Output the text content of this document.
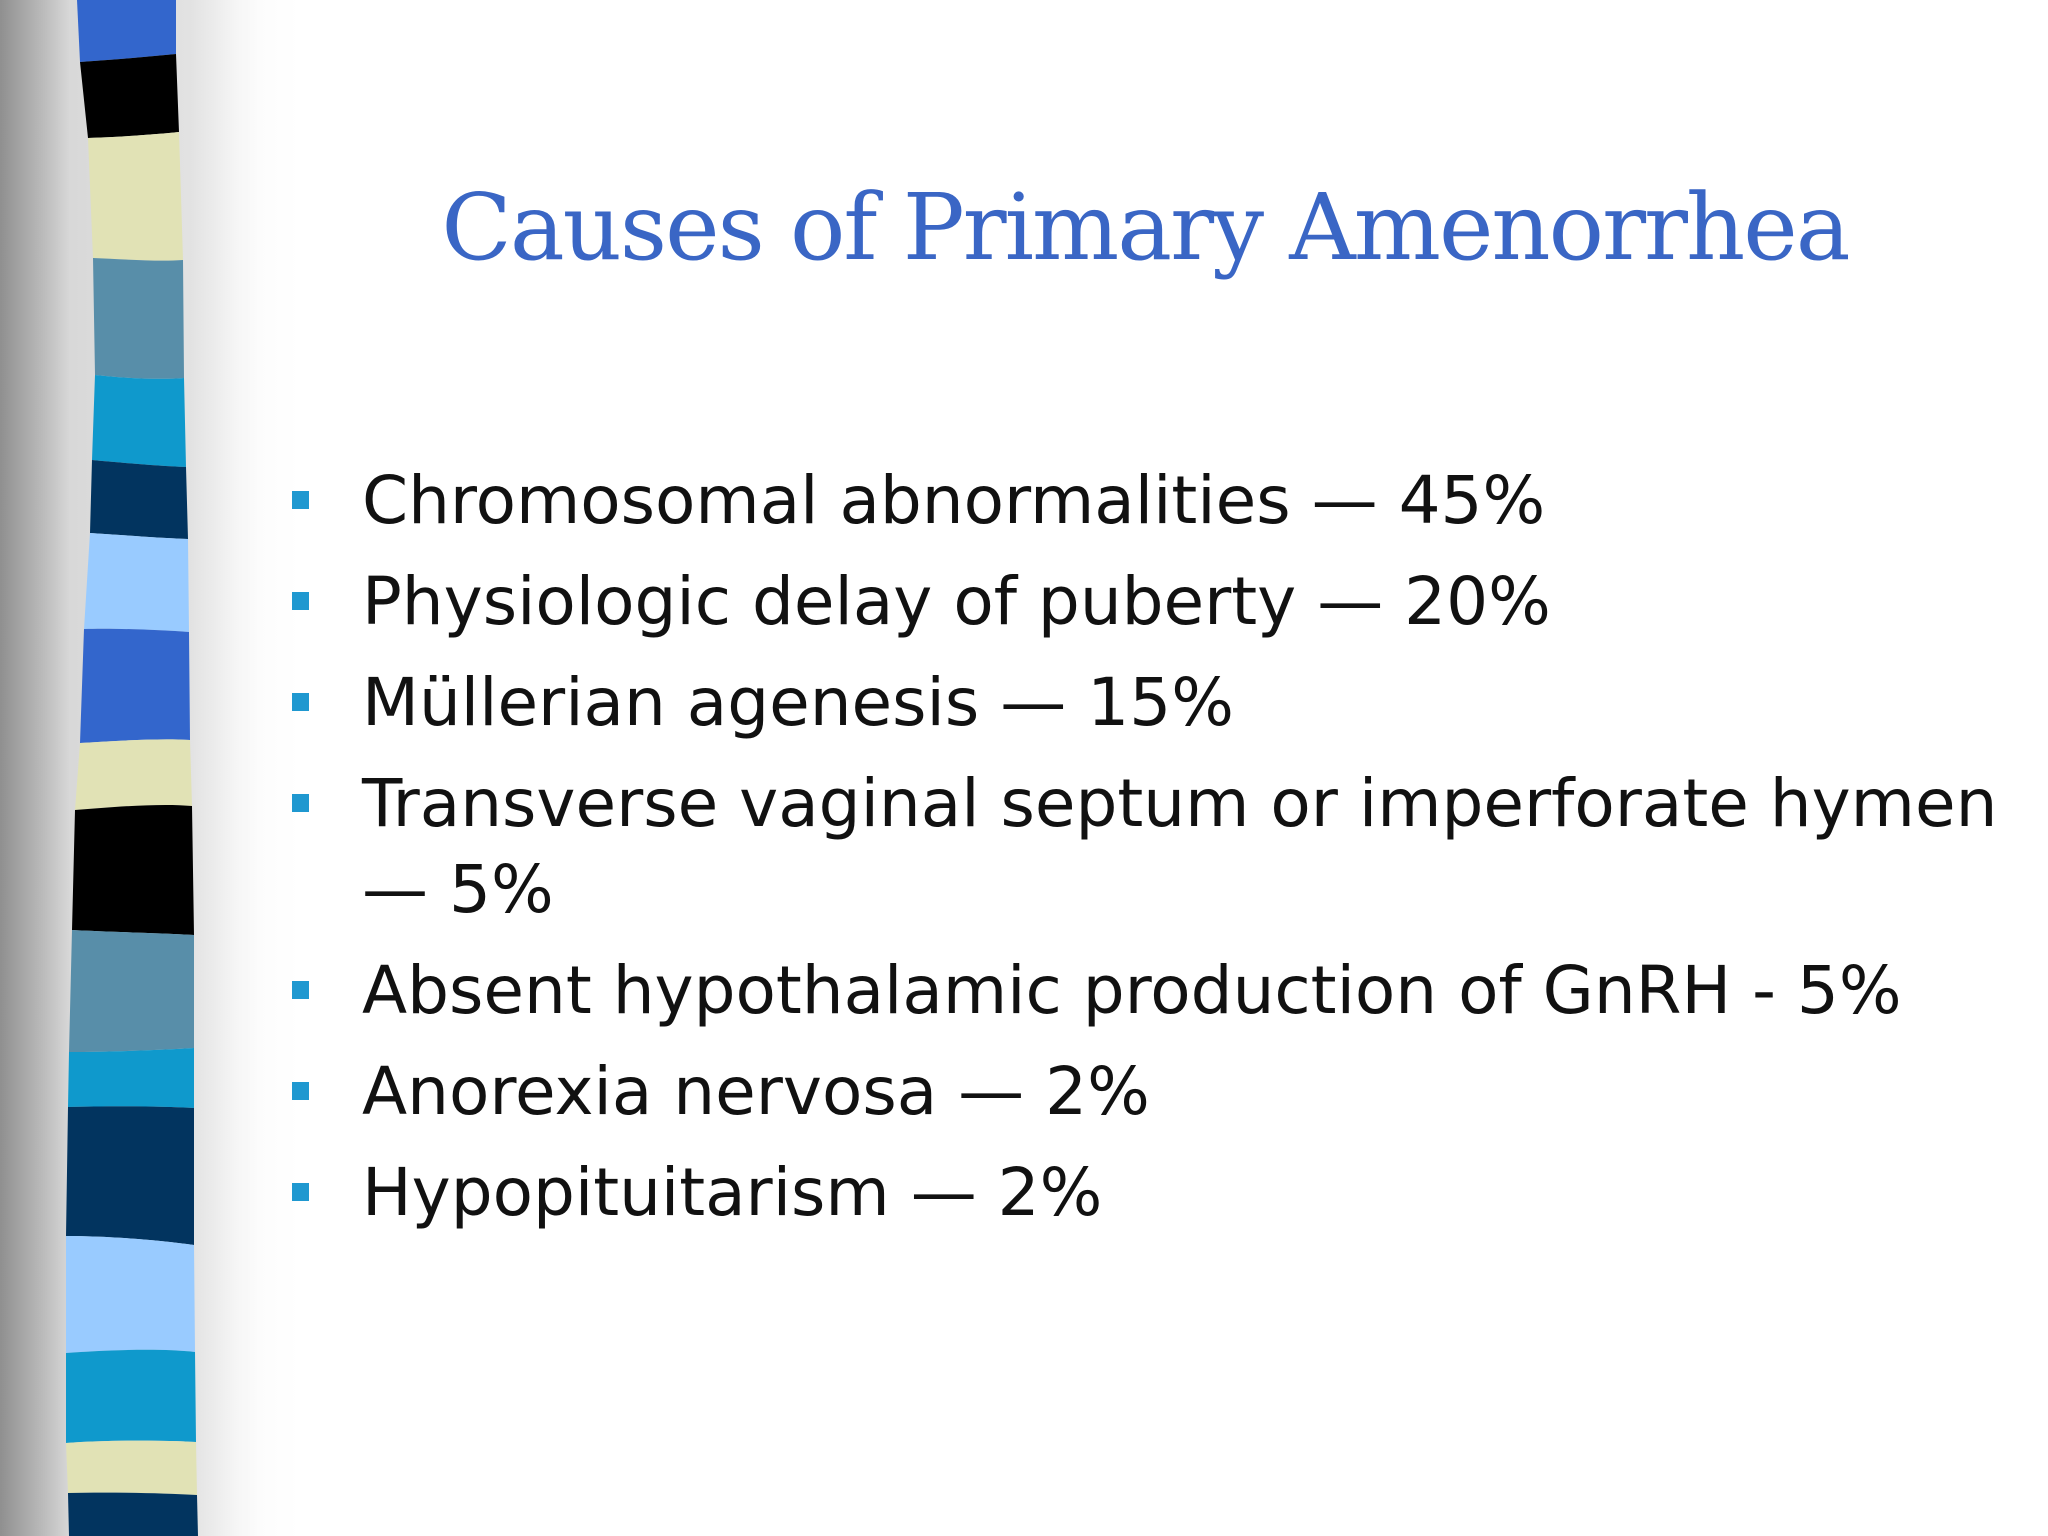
Causes of Primary Amenorrhea
Chromosomal abnormalities — 45%
Physiologic delay of puberty — 20%
Müllerian agenesis — 15%
Transverse vaginal septum or imperforate hymen — 5%
Absent hypothalamic production of GnRH - 5%
Anorexia nervosa — 2%
Hypopituitarism — 2%
